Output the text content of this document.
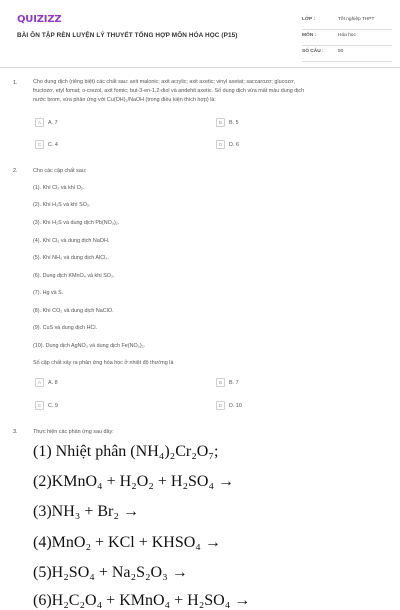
QUIZIZZ
BÀI ÔN TẬP RÈN LUYỆN LÝ THUYẾT TỔNG HỢP MÔN HÓA HỌC (P15)
LỚP :	Tốt nghiệp THPT
MÔN :	Hóa học
SỐ CÂU :	50
1.	Cho dung dịch (riêng biệt) các chất sau: axit malonic; axit acrylic; axit axetic; vinyl axetat; saccarozơ; glucozơ,
fructozơ, etyl fomat; o-crezol, axit fomic; but-3-en-1,2-diol và andehit axetic. Số dung dịch vừa mất màu dung dịch
nước brom, vừa phản ứng với Cu(OH)₂/NaOH (trong điều kiện thích hợp) là:
A	A. 7	B	B. 5
C	C. 4	D	D. 6
2.	Cho các cặp chất sau:
(1). Khí Cl₂ và khí O₂.
(2). Khí H₂S và khí SO₂.
(3). Khí H₂S và dung dịch Pb(NO₃)₂.
(4). Khí Cl₂ và dung dịch NaOH.
(5). Khí NH₃ và dung dịch AlCl₃.
(6). Dung dịch KMnO₄ và khí SO₂.
(7). Hg và S.
(8). Khí CO₂ và dung dịch NaClO.
(9). CuS và dung dịch HCl.
(10). Dung dịch AgNO₃ và dung dịch Fe(NO₃)₂.
Số cặp chất xảy ra phản ứng hóa học ở nhiệt độ thường là
A	A. 8	B	B. 7
C	C. 9	D	D. 10
3.	Thực hiện các phản ứng sau đây:
(1) Nhiệt phân (NH₄)₂Cr₂O₇;
(2)KMnO₄ + H₂O₂ + H₂SO₄ →
(3)NH₃ + Br₂ →
(4)MnO₂ + KCl + KHSO₄ →
(5)H₂SO₄ + Na₂S₂O₃ →
(6)H₂C₂O₄ + KMnO₄ + H₂SO₄ →
